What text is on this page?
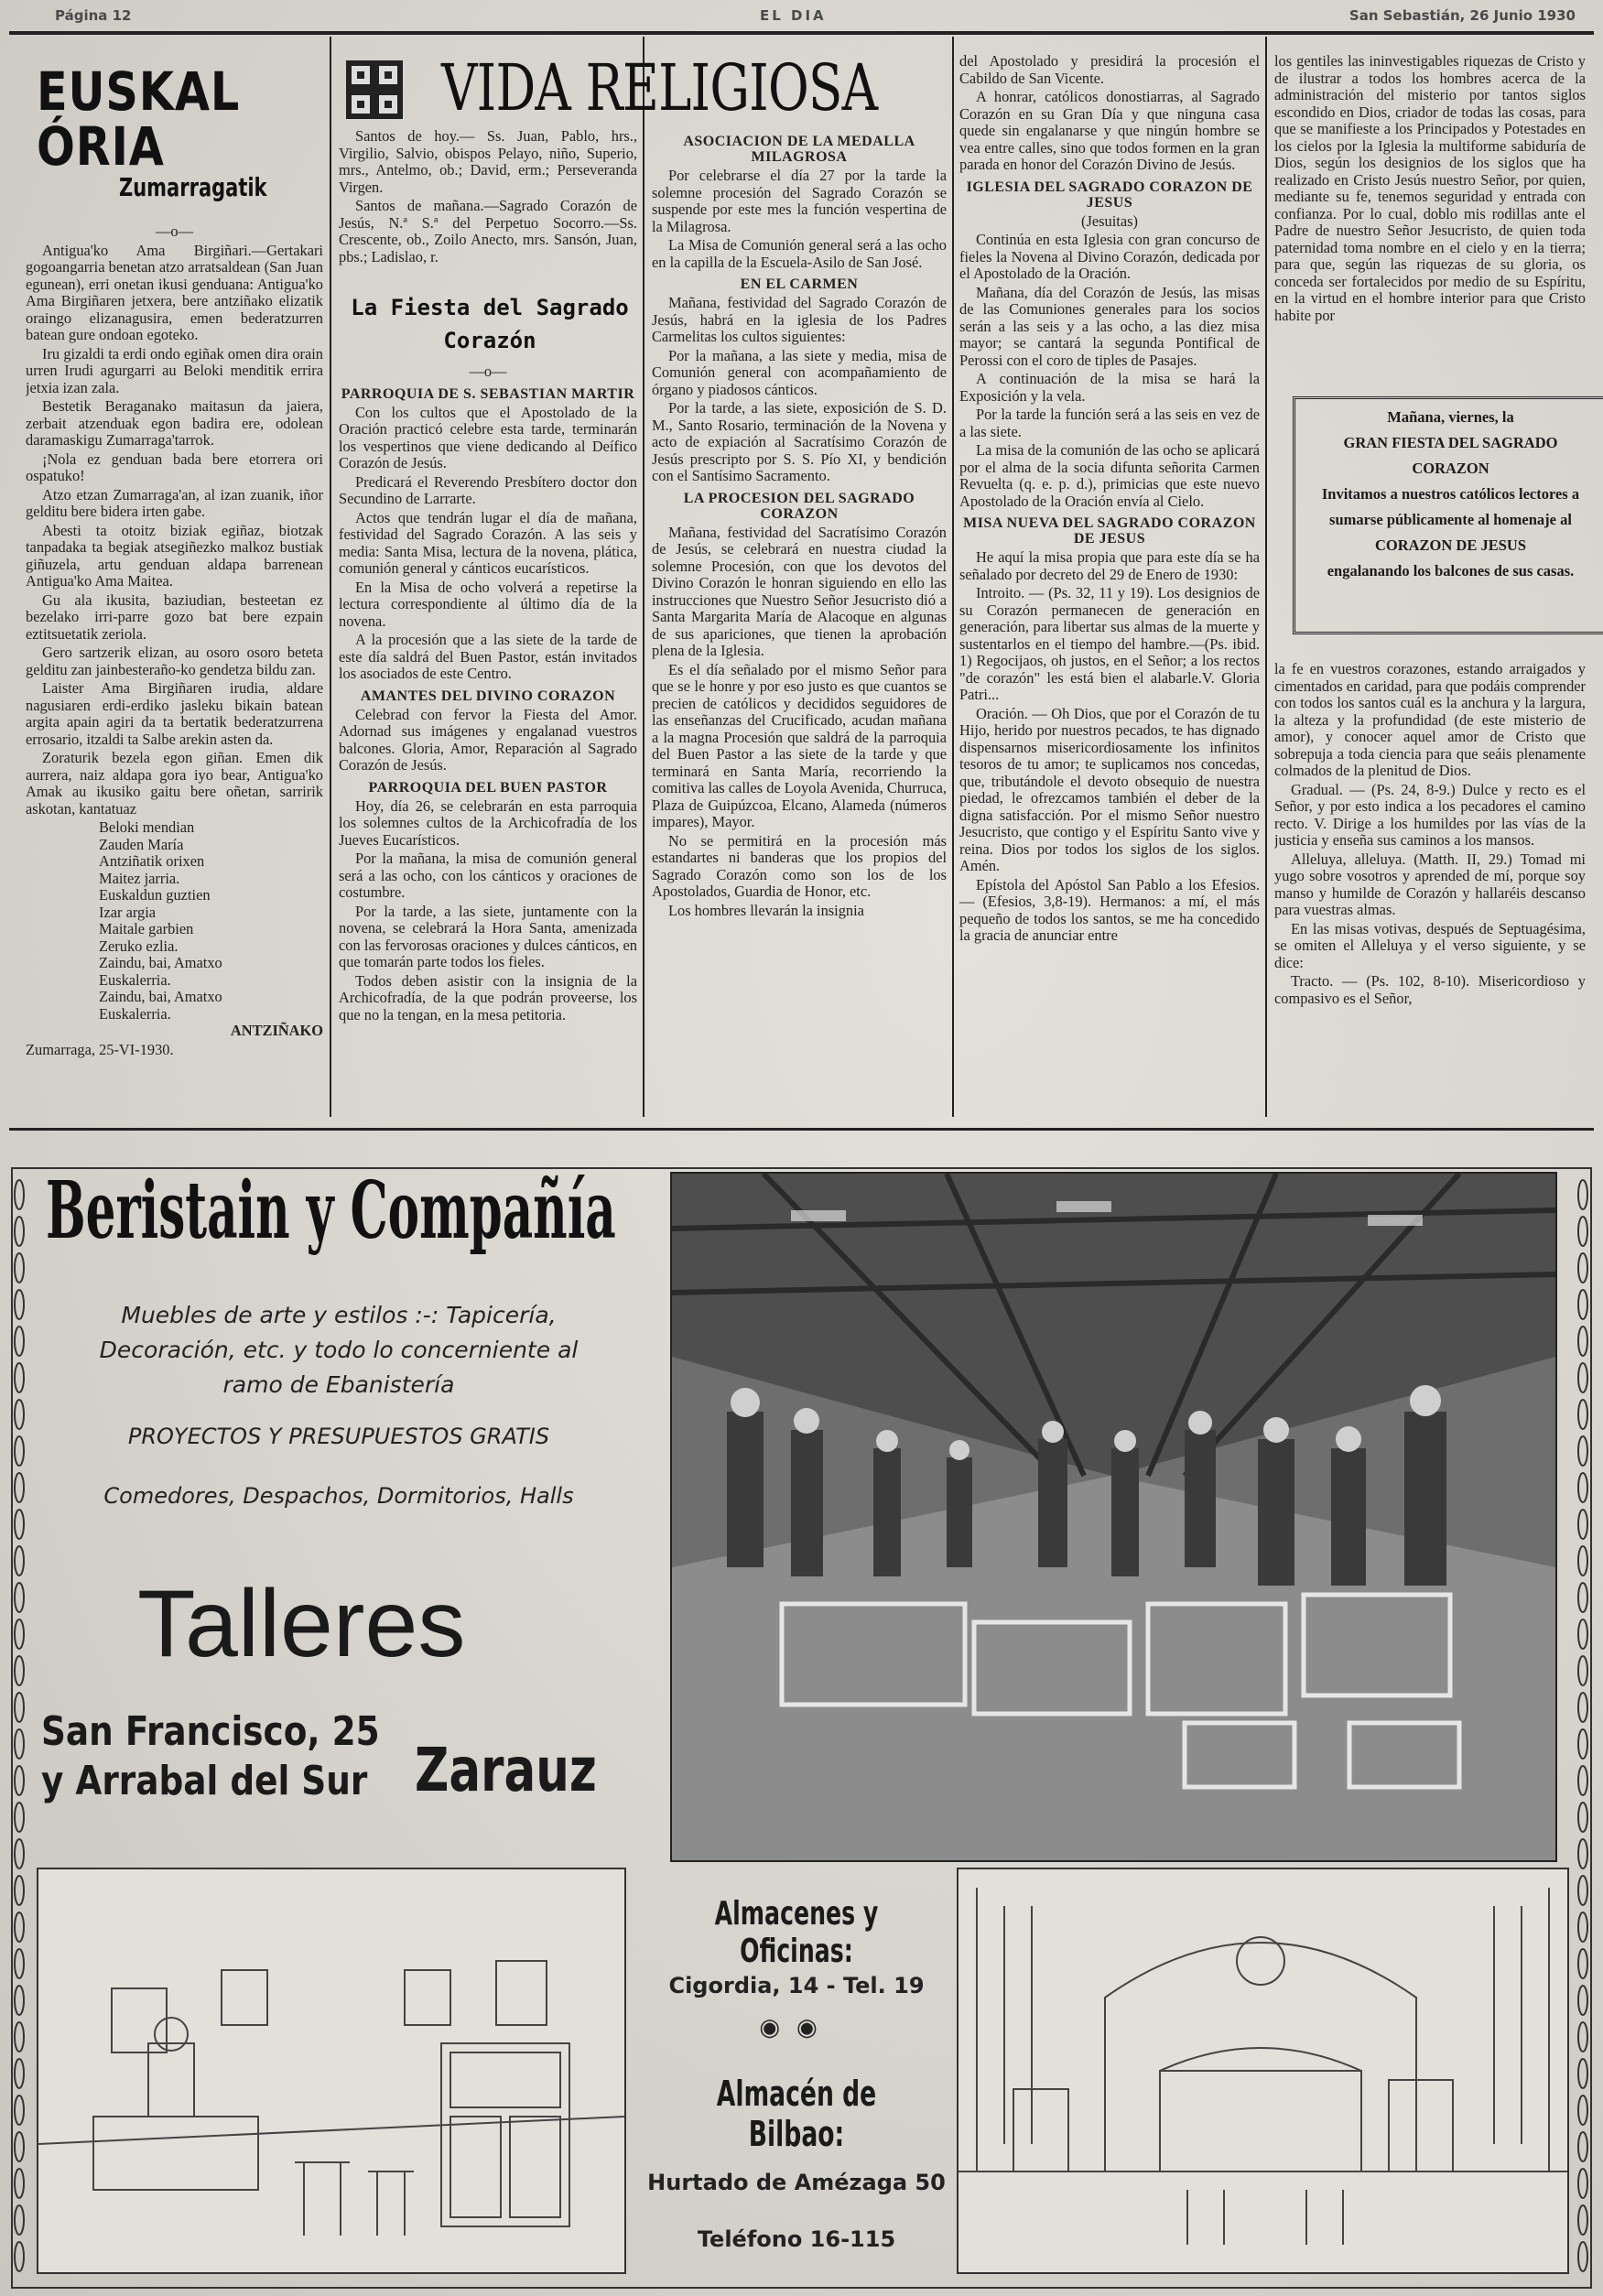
Página 12	EL DIA	San Sebastián, 26 Junio 1930
EUSKAL ÓRIA
Zumarragatik
—o—

Antigua'ko Ama Birgiñari.—Gertakari gogoangarria benetan atzo arratsaldean (San Juan egunean), erri onetan ikusi genduana: Antigua'ko Ama Birgiñaren jetxera, bere antziñako elizatik oraingo elizanagusira, emen bederatzurren batean gure ondoan egoteko.

Iru gizaldi ta erdi ondo egiñak omen dira orain urren Irudi agurgarri au Beloki menditik errira jetxia izan zala.

Bestetik Beraganako maitasun da jaiera, zerbait atzenduak egon badira ere, odolean daramaskigu Zumarraga'tarrok.

¡Nola ez genduan bada bere etorrera ori ospatuko!

Atzo etzan Zumarraga'an, al izan zuanik, iñor gelditu bere bidera irten gabe.

Abesti ta otoitz biziak egiñaz, biotzak tanpadaka ta begiak atsegiñezko malkoz bustiak giñuzela, artu genduan aldapa barrenean Antigua'ko Ama Maitea.

Gu ala ikusita, baziudian, besteetan ez bezelako irri-parre gozo bat bere ezpain eztitsuetatik zeriola.

Gero sartzerik elizan, au osoro osoro beteta gelditu zan jainbesteraño-ko gendetza bildu zan.

Laister Ama Birgiñaren irudia, aldare nagusiaren erdi-erdiko jasleku bikain batean argita apain agiri da ta bertatik bederatzurrena errosario, itzaldi ta Salbe arekin asten da.

Zoraturik bezela egon giñan. Emen dik aurrera, naiz aldapa gora iyo bear, Antigua'ko Amak au ikusiko gaitu bere oñetan, sarririk askotan, kantatuaz

Beloki mendian

Zauden María

Antziñatik orixen

Maitez jarria.

Euskaldun guztien

Izar argia

Maitale garbien

Zeruko ezlia.

Zaindu, bai, Amatxo

Euskalerria.

Zaindu, bai, Amatxo

Euskalerria.

ANTZIÑAKO

Zumarraga, 25-VI-1930.

VIDA RELIGIOSA

Santos de hoy.— Ss. Juan, Pablo, hrs., Virgilio, Salvio, obispos Pelayo, niño, Superio, mrs., Antelmo, ob.; David, erm.; Perseveranda Virgen.

Santos de mañana.—Sagrado Corazón de Jesús, N.ª S.ª del Perpetuo Socorro.—Ss. Crescente, ob., Zoilo Anecto, mrs. Sansón, Juan, pbs.; Ladislao, r.

La Fiesta del Sagrado Corazón
—o—
PARROQUIA DE S. SEBASTIAN MARTIR

Con los cultos que el Apostolado de la Oración practicó celebre esta tarde, terminarán los vespertinos que viene dedicando al Deífico Corazón de Jesús.

Predicará el Reverendo Presbítero doctor don Secundino de Larrarte.

Actos que tendrán lugar el día de mañana, festividad del Sagrado Corazón. A las seis y media: Santa Misa, lectura de la novena, plática, comunión general y cánticos eucarísticos.

En la Misa de ocho volverá a repetirse la lectura correspondiente al último día de la novena.

A la procesión que a las siete de la tarde de este día saldrá del Buen Pastor, están invitados los asociados de este Centro.

AMANTES DEL DIVINO CORAZON

Celebrad con fervor la Fiesta del Amor. Adornad sus imágenes y engalanad vuestros balcones. Gloria, Amor, Reparación al Sagrado Corazón de Jesús.

PARROQUIA DEL BUEN PASTOR

Hoy, día 26, se celebrarán en esta parroquia los solemnes cultos de la Archicofradía de los Jueves Eucarísticos.

Por la mañana, la misa de comunión general será a las ocho, con los cánticos y oraciones de costumbre.

Por la tarde, a las siete, juntamente con la novena, se celebrará la Hora Santa, amenizada con las fervorosas oraciones y dulces cánticos, en que tomarán parte todos los fieles.

Todos deben asistir con la insignia de la Archicofradía, de la que podrán proveerse, los que no la tengan, en la mesa petitoria.

ASOCIACION DE LA MEDALLA MILAGROSA

Por celebrarse el día 27 por la tarde la solemne procesión del Sagrado Corazón se suspende por este mes la función vespertina de la Milagrosa.

La Misa de Comunión general será a las ocho en la capilla de la Escuela-Asilo de San José.

EN EL CARMEN

Mañana, festividad del Sagrado Corazón de Jesús, habrá en la iglesia de los Padres Carmelitas los cultos siguientes:

Por la mañana, a las siete y media, misa de Comunión general con acompañamiento de órgano y piadosos cánticos.

Por la tarde, a las siete, exposición de S. D. M., Santo Rosario, terminación de la Novena y acto de expiación al Sacratísimo Corazón de Jesús prescripto por S. S. Pío XI, y bendición con el Santísimo Sacramento.

LA PROCESION DEL SAGRADO CORAZON

Mañana, festividad del Sacratísimo Corazón de Jesús, se celebrará en nuestra ciudad la solemne Procesión, con que los devotos del Divino Corazón le honran siguiendo en ello las instrucciones que Nuestro Señor Jesucristo dió a Santa Margarita María de Alacoque en algunas de sus apariciones, que tienen la aprobación plena de la Iglesia.

Es el día señalado por el mismo Señor para que se le honre y por eso justo es que cuantos se precien de católicos y decididos seguidores de las enseñanzas del Crucificado, acudan mañana a la magna Procesión que saldrá de la parroquia del Buen Pastor a las siete de la tarde y que terminará en Santa María, recorriendo la comitiva las calles de Loyola Avenida, Churruca, Plaza de Guipúzcoa, Elcano, Alameda (números impares), Mayor.

No se permitirá en la procesión más estandartes ni banderas que los propios del Sagrado Corazón como son los de los Apostolados, Guardia de Honor, etc.

Los hombres llevarán la insignia

del Apostolado y presidirá la procesión el Cabildo de San Vicente.

A honrar, católicos donostiarras, al Sagrado Corazón en su Gran Día y que ninguna casa quede sin engalanarse y que ningún hombre se vea entre calles, sino que todos formen en la gran parada en honor del Corazón Divino de Jesús.

IGLESIA DEL SAGRADO CORAZON DE JESUS
(Jesuitas)

Continúa en esta Iglesia con gran concurso de fieles la Novena al Divino Corazón, dedicada por el Apostolado de la Oración.

Mañana, día del Corazón de Jesús, las misas de las Comuniones generales para los socios serán a las seis y a las ocho, a las diez misa mayor; se cantará la segunda Pontifical de Perossi con el coro de tiples de Pasajes.

A continuación de la misa se hará la Exposición y la vela.

Por la tarde la función será a las seis en vez de a las siete.

La misa de la comunión de las ocho se aplicará por el alma de la socia difunta señorita Carmen Revuelta (q. e. p. d.), primicias que este nuevo Apostolado de la Oración envía al Cielo.

MISA NUEVA DEL SAGRADO CORAZON DE JESUS

He aquí la misa propia que para este día se ha señalado por decreto del 29 de Enero de 1930:

Introito. — (Ps. 32, 11 y 19). Los designios de su Corazón permanecen de generación en generación, para libertar sus almas de la muerte y sustentarlos en el tiempo del hambre.—(Ps. ibid. 1) Regocijaos, oh justos, en el Señor; a los rectos "de corazón" les está bien el alabarle.V. Gloria Patri...

Oración. — Oh Dios, que por el Corazón de tu Hijo, herido por nuestros pecados, te has dignado dispensarnos misericordiosamente los infinitos tesoros de tu amor; te suplicamos nos concedas, que, tributándole el devoto obsequio de nuestra piedad, le ofrezcamos también el deber de la digna satisfacción. Por el mismo Señor nuestro Jesucristo, que contigo y el Espíritu Santo vive y reina. Dios por todos los siglos de los siglos. Amén.

Epístola del Apóstol San Pablo a los Efesios. — (Efesios, 3,8-19). Hermanos: a mí, el más pequeño de todos los santos, se me ha concedido la gracia de anunciar entre

los gentiles las ininvestigables riquezas de Cristo y de ilustrar a todos los hombres acerca de la administración del misterio por tantos siglos escondido en Dios, criador de todas las cosas, para que se manifieste a los Principados y Potestades en los cielos por la Iglesia la multiforme sabiduría de Dios, según los designios de los siglos que ha realizado en Cristo Jesús nuestro Señor, por quien, mediante su fe, tenemos seguridad y entrada con confianza. Por lo cual, doblo mis rodillas ante el Padre de nuestro Señor Jesucristo, de quien toda paternidad toma nombre en el cielo y en la tierra; para que, según las riquezas de su gloria, os conceda ser fortalecidos por medio de su Espíritu, en la virtud en el hombre interior para que Cristo habite por

Mañana, viernes, la
GRAN FIESTA DEL SAGRADO CORAZON
Invitamos a nuestros católicos lectores a sumarse públicamente al homenaje al
CORAZON DE JESUS
engalanando los balcones de sus casas.

la fe en vuestros corazones, estando arraigados y cimentados en caridad, para que podáis comprender con todos los santos cuál es la anchura y la largura, la alteza y la profundidad (de este misterio de amor), y conocer aquel amor de Cristo que sobrepuja a toda ciencia para que seáis plenamente colmados de la plenitud de Dios.

Gradual. — (Ps. 24, 8-9.) Dulce y recto es el Señor, y por esto indica a los pecadores el camino recto. V. Dirige a los humildes por las vías de la justicia y enseña sus caminos a los mansos.

Alleluya, alleluya. (Matth. II, 29.) Tomad mi yugo sobre vosotros y aprended de mí, porque soy manso y humilde de Corazón y hallaréis descanso para vuestras almas.

En las misas votivas, después de Septuagésima, se omiten el Alleluya y el verso siguiente, y se dice:

Tracto. — (Ps. 102, 8-10). Misericordioso y compasivo es el Señor,

Beristain y Compañía
Muebles de arte y estilos :-: Tapicería,
Decoración, etc. y todo lo concerniente al
ramo de Ebanistería
PROYECTOS Y PRESUPUESTOS GRATIS
Comedores, Despachos, Dormitorios, Halls
Talleres
San Francisco, 25
y Arrabal del Sur Zarauz
Almacenes y Oficinas:
Cigordia, 14 - Tel. 19
◉◉
Almacén de Bilbao:
Hurtado de Amézaga 50
Teléfono 16-115
